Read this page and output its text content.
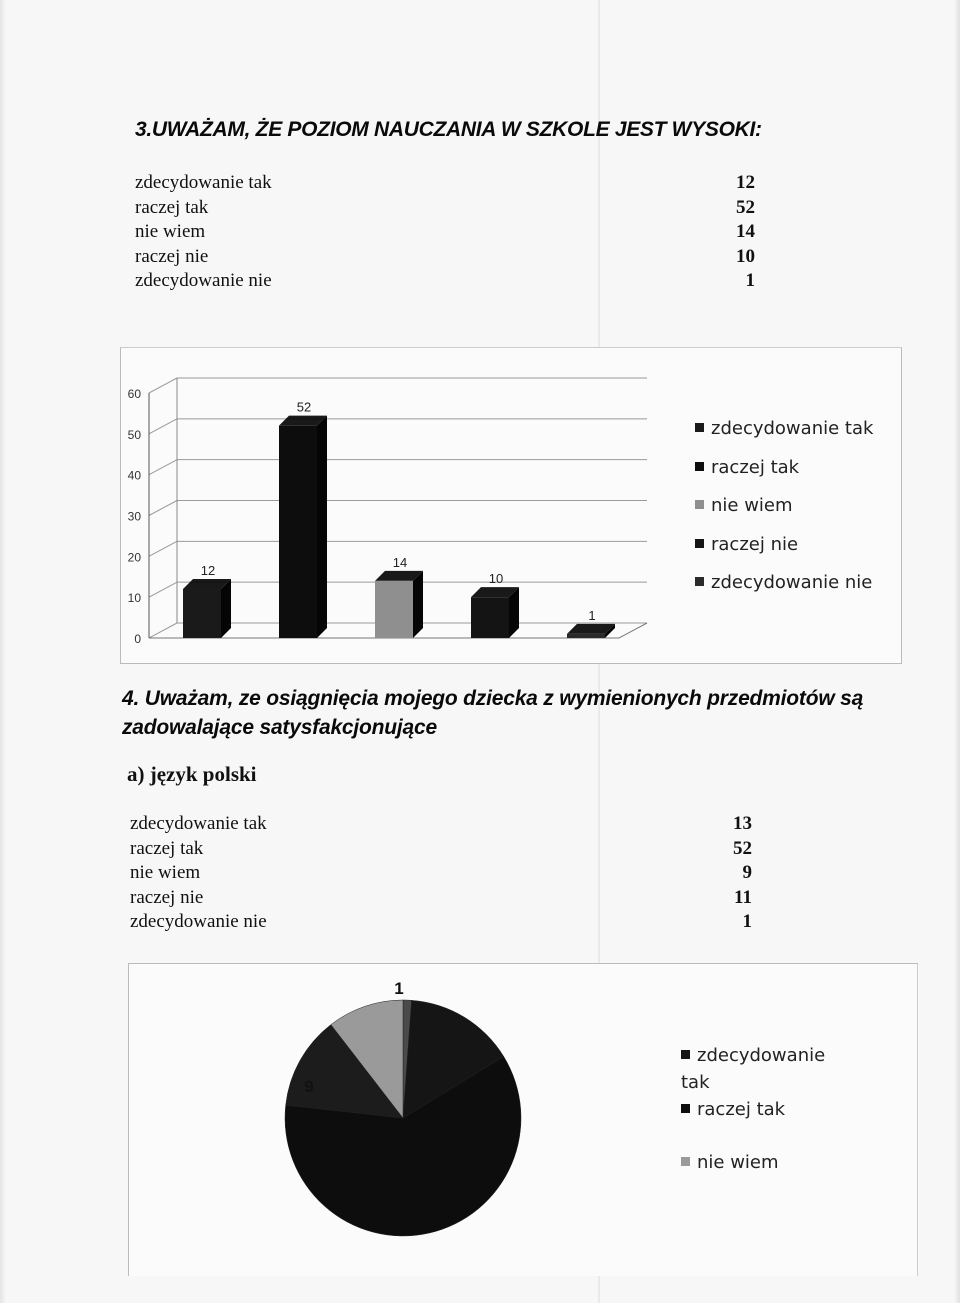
3.UWAŻAM, ŻE POZIOM NAUCZANIA W SZKOLE JEST WYSOKI:
zdecydowanie tak	12
raczej tak	52
nie wiem	14
raczej nie	10
zdecydowanie nie	1
0
10
20
30
40
50
60
12
52
14
10
1
zdecydowanie tak
raczej tak
nie wiem
raczej nie
zdecydowanie nie
4. Uważam, ze osiągnięcia mojego dziecka z wymienionych przedmiotów są zadowalające satysfakcjonujące
a) język polski
zdecydowanie tak	13
raczej tak	52
nie wiem	9
raczej nie	11
zdecydowanie nie	1
1
9
zdecydowanie tak
raczej tak
nie wiem
